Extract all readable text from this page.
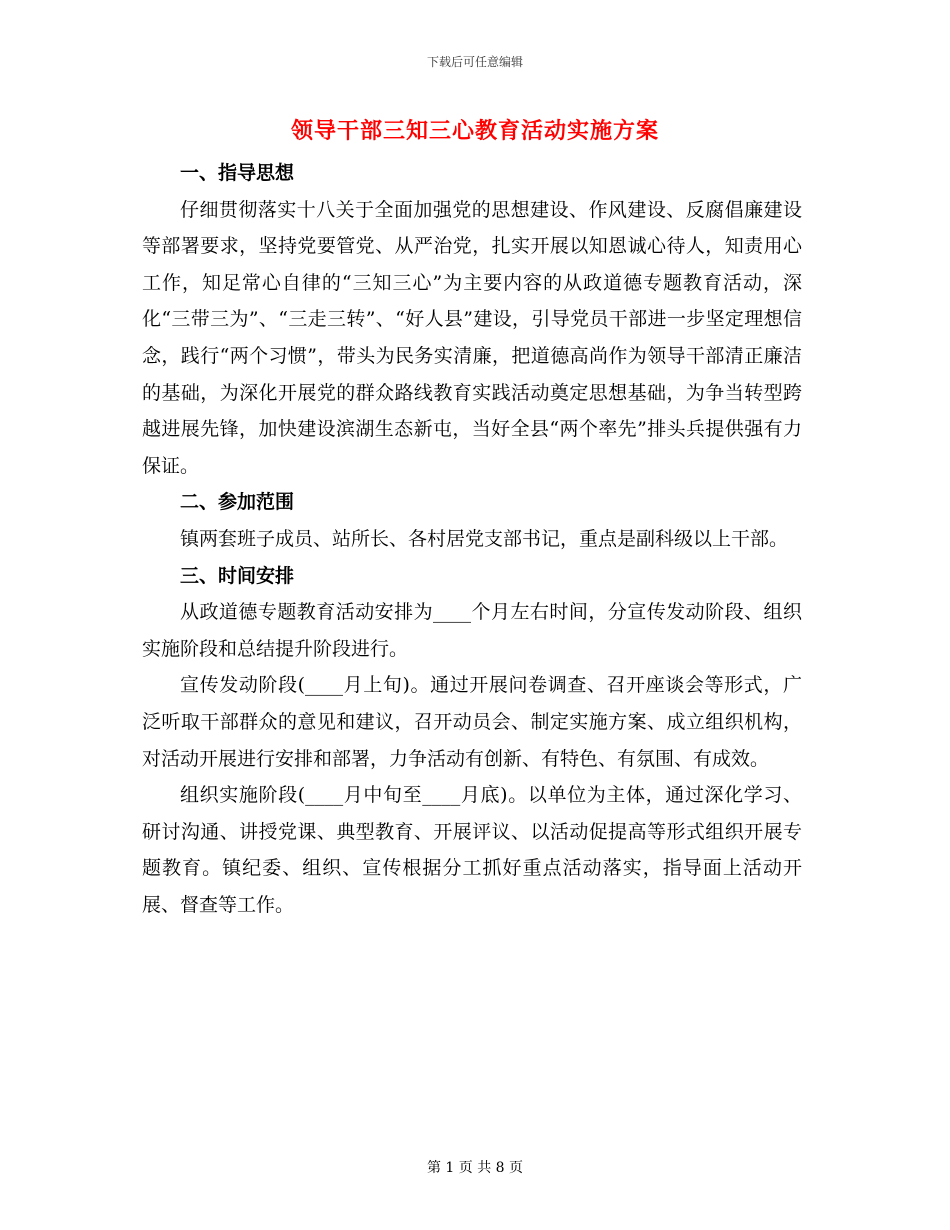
下载后可任意编辑
领导干部三知三心教育活动实施方案
一、指导思想

仔细贯彻落实十八关于全面加强党的思想建设、作风建设、反腐倡廉建设等部署要求，坚持党要管党、从严治党，扎实开展以知恩诚心待人，知责用心工作，知足常心自律的“三知三心”为主要内容的从政道德专题教育活动，深化“三带三为”、“三走三转”、“好人县”建设，引导党员干部进一步坚定理想信念，践行“两个习惯”，带头为民务实清廉，把道德高尚作为领导干部清正廉洁的基础，为深化开展党的群众路线教育实践活动奠定思想基础，为争当转型跨越进展先锋，加快建设滨湖生态新屯，当好全县“两个率先”排头兵提供强有力保证。

二、参加范围

镇两套班子成员、站所长、各村居党支部书记，重点是副科级以上干部。

三、时间安排

从政道德专题教育活动安排为____个月左右时间，分宣传发动阶段、组织实施阶段和总结提升阶段进行。

宣传发动阶段(____月上旬)。通过开展问卷调查、召开座谈会等形式，广泛听取干部群众的意见和建议，召开动员会、制定实施方案、成立组织机构，对活动开展进行安排和部署，力争活动有创新、有特色、有氛围、有成效。

组织实施阶段(____月中旬至____月底)。以单位为主体，通过深化学习、研讨沟通、讲授党课、典型教育、开展评议、以活动促提高等形式组织开展专题教育。镇纪委、组织、宣传根据分工抓好重点活动落实，指导面上活动开展、督查等工作。

第 1 页 共 8 页
